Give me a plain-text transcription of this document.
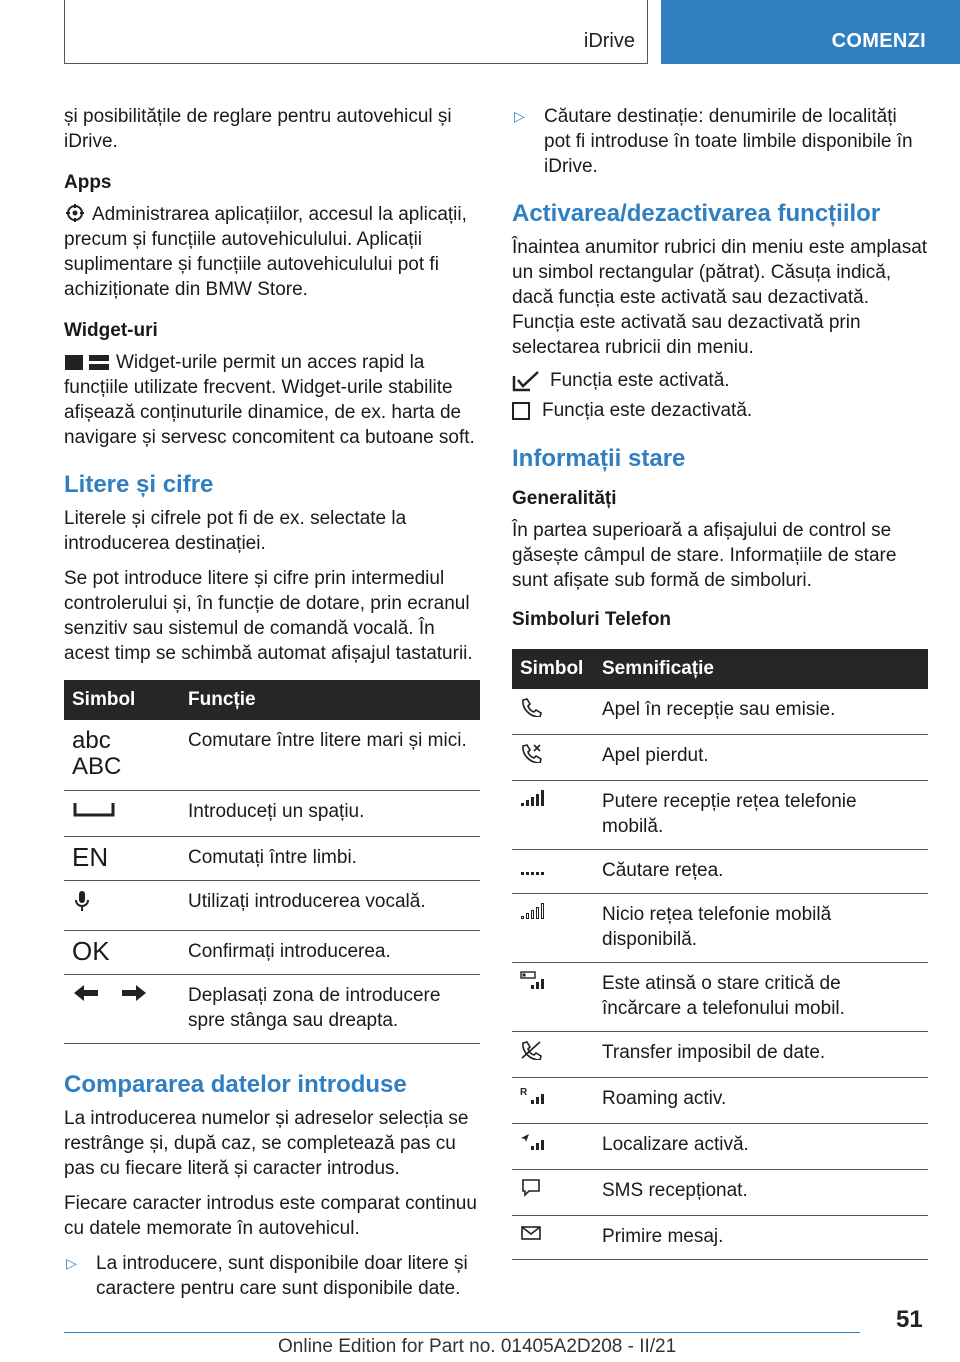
iDrive	COMENZI

și posibilitățile de reglare pentru autovehicul și iDrive.

Apps

Administrarea aplicațiilor, accesul la aplicații, precum și funcțiile autovehiculului. Aplicații suplimentare și funcțiile autovehiculului pot fi achiziționate din BMW Store.

Widget-uri

Widget-urile permit un acces rapid la funcțiile utilizate frecvent. Widget-urile stabilite afișează conținuturile dinamice, de ex. harta de navigare și servesc concomitent ca butoane soft.

Litere și cifre

Literele și cifrele pot fi de ex. selectate la introducerea destinației.

Se pot introduce litere și cifre prin intermediul controlerului și, în funcție de dotare, prin ecranul senzitiv sau sistemul de comandă vocală. În acest timp se schimbă automat afișajul tastaturii.

Simbol	Funcție

abc
ABC	Comutare între litere mari și mici.
	Introduceți un spațiu.
EN	Comutați între limbi.
	Utilizați introducerea vocală.
OK	Confirmați introducerea.
	Deplasați zona de introducere spre stânga sau dreapta.
Compararea datelor introduse

La introducerea numelor și adreselor selecția se restrânge și, după caz, se completează pas cu pas cu fiecare literă și caracter introdus.

Fiecare caracter introdus este comparat continuu cu datele memorate în autovehicul.

▷	La introducere, sunt disponibile doar litere și caractere pentru care sunt disponibile date.
▷	Căutare destinație: denumirile de localități pot fi introduse în toate limbile disponibile în iDrive.
Activarea/dezactivarea funcțiilor

Înaintea anumitor rubrici din meniu este amplasat un simbol rectangular (pătrat). Căsuța indică, dacă funcția este activată sau dezactivată. Funcția este activată sau dezactivată prin selectarea rubricii din meniu.

Funcția este activată.
Funcția este dezactivată.
Informații stare
Generalități

În partea superioară a afișajului de control se găsește câmpul de stare. Informațiile de stare sunt afișate sub formă de simboluri.

Simboluri Telefon
Simbol	Semnificație
	Apel în recepție sau emisie.
	Apel pierdut.
	Putere recepție rețea telefonie mobilă.
	Căutare rețea.
	Nicio rețea telefonie mobilă disponibilă.
	Este atinsă o stare critică de încărcare a telefonului mobil.
	Transfer imposibil de date.

R	Roaming activ.
	Localizare activă.
	SMS recepționat.
	Primire mesaj.
51
Online Edition for Part no. 01405A2D208 - II/21
